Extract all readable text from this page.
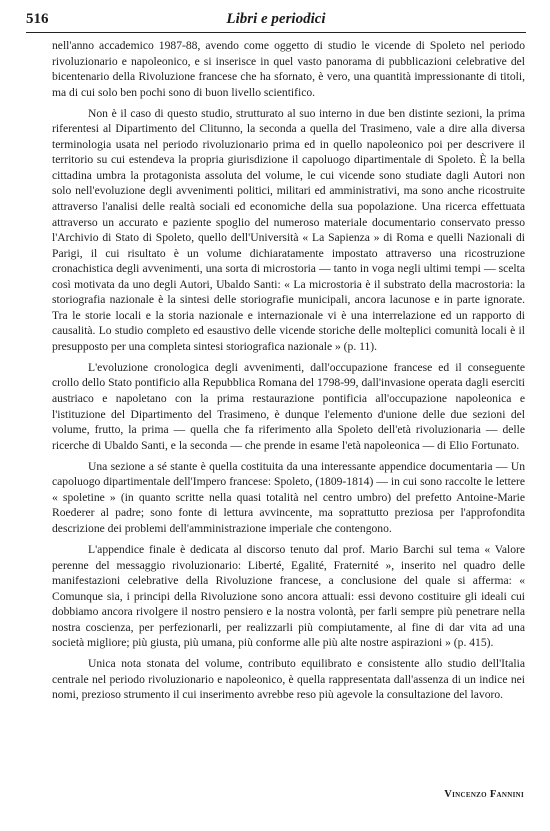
516	Libri e periodici

nell'anno accademico 1987-88, avendo come oggetto di studio le vicende di Spoleto nel periodo rivoluzionario e napoleonico, e si inserisce in quel vasto panorama di pubblicazioni celebrative del bicentenario della Rivoluzione francese che ha sfornato, è vero, una quantità impressionante di titoli, ma di cui solo ben pochi sono di buon livello scientifico.

Non è il caso di questo studio, strutturato al suo interno in due ben distinte sezioni, la prima riferentesi al Dipartimento del Clitunno, la seconda a quella del Trasimeno, vale a dire alla diversa terminologia usata nel periodo rivoluzionario prima ed in quello napoleonico poi per descrivere il territorio su cui estendeva la propria giurisdizione il capoluogo dipartimentale di Spoleto. È la bella cittadina umbra la protagonista assoluta del volume, le cui vicende sono studiate dagli Autori non solo nell'evoluzione degli avvenimenti politici, militari ed amministrativi, ma sono anche ricostruite attraverso l'analisi delle realtà sociali ed economiche della sua popolazione. Una ricerca effettuata attraverso un accurato e paziente spoglio del numeroso materiale documentario conservato presso l'Archivio di Stato di Spoleto, quello dell'Università « La Sapienza » di Roma e quelli Nazionali di Parigi, il cui risultato è un volume dichiaratamente impostato attraverso una ricostruzione cronachistica degli avvenimenti, una sorta di microstoria — tanto in voga negli ultimi tempi — scelta così motivata da uno degli Autori, Ubaldo Santi: « La microstoria è il substrato della macrostoria: la storiografia nazionale è la sintesi delle storiografie municipali, ancora lacunose e in parte ignorate. Tra le storie locali e la storia nazionale e internazionale vi è una interrelazione ed un rapporto di causalità. Lo studio completo ed esaustivo delle vicende storiche delle molteplici comunità locali è il presupposto per una completa sintesi storiografica nazionale » (p. 11).

L'evoluzione cronologica degli avvenimenti, dall'occupazione francese ed il conseguente crollo dello Stato pontificio alla Repubblica Romana del 1798-99, dall'invasione operata dagli eserciti austriaco e napoletano con la prima restaurazione pontificia all'occupazione napoleonica e l'istituzione del Dipartimento del Trasimeno, è dunque l'elemento d'unione delle due sezioni del volume, frutto, la prima — quella che fa riferimento alla Spoleto dell'età rivoluzionaria — delle ricerche di Ubaldo Santi, e la seconda — che prende in esame l'età napoleonica — di Elio Fortunato.

Una sezione a sé stante è quella costituita da una interessante appendice documentaria — Un capoluogo dipartimentale dell'Impero francese: Spoleto, (1809-1814) — in cui sono raccolte le lettere « spoletine » (in quanto scritte nella quasi totalità nel centro umbro) del prefetto Antoine-Marie Roederer al padre; sono fonte di lettura avvincente, ma soprattutto preziosa per l'approfondita descrizione dei problemi dell'amministrazione imperiale che contengono.

L'appendice finale è dedicata al discorso tenuto dal prof. Mario Barchi sul tema « Valore perenne del messaggio rivoluzionario: Liberté, Egalité, Fraternité », inserito nel quadro delle manifestazioni celebrative della Rivoluzione francese, a conclusione del quale si afferma: « Comunque sia, i principi della Rivoluzione sono ancora attuali: essi devono costituire gli ideali cui dobbiamo ancora rivolgere il nostro pensiero e la nostra volontà, per farli sempre più penetrare nella nostra coscienza, per perfezionarli, per realizzarli più compiutamente, al fine di dar vita ad una società migliore; più giusta, più umana, più conforme alle più alte nostre aspirazioni » (p. 415).

Unica nota stonata del volume, contributo equilibrato e consistente allo studio dell'Italia centrale nel periodo rivoluzionario e napoleonico, è quella rappresentata dall'assenza di un indice nei nomi, prezioso strumento il cui inserimento avrebbe reso più agevole la consultazione del lavoro.

Vincenzo Fannini
